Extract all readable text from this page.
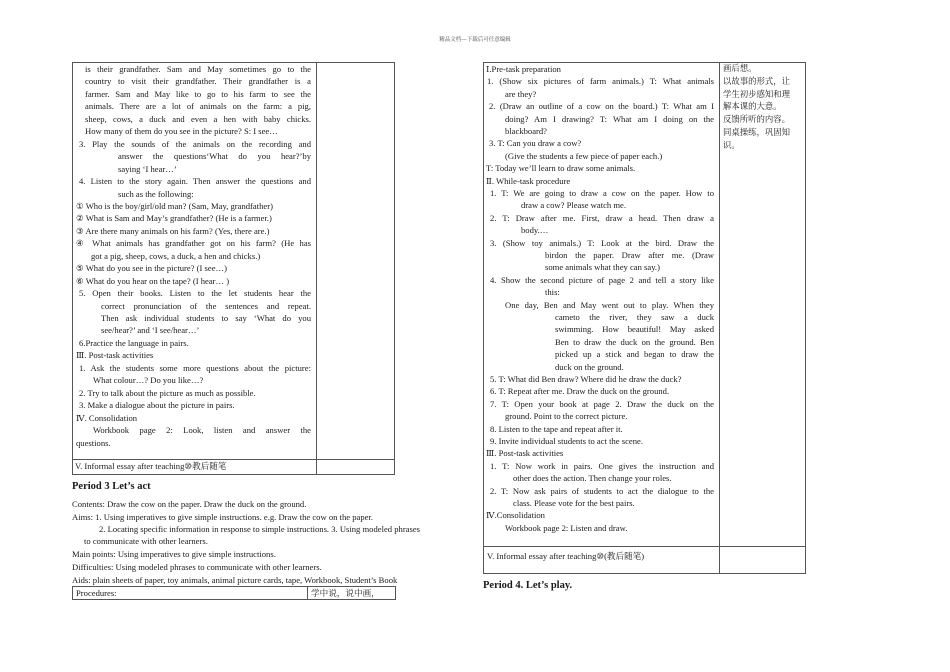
精品文档---下载后可任意编辑
is their grandfather. Sam and May sometimes go to the
country to visit their grandfather. Their grandfather is a
farmer. Sam and May like to go to his farm to see the
animals. There are a lot of animals on the farm: a pig,
sheep, cows, a duck and even a hen with baby chicks.
How many of them do you see in the picture? S: I see…
3. Play the sounds of the animals on the recording and
answer the questions‘What do you hear?’by
saying ‘I hear…’
4. Listen to the story again. Then answer the questions and
such as the following:
① Who is the boy/girl/old man? (Sam, May, grandfather)
② What is Sam and May’s grandfather? (He is a farmer.)
③ Are there many animals on his farm? (Yes, there are.)
④ What animals has grandfather got on his farm? (He has
got a pig, sheep, cows, a duck, a hen and chicks.)
⑤ What do you see in the picture? (I see…)
⑥ What do you hear on the tape? (I hear… )
5. Open their books. Listen to the let students hear the
correct pronunciation of the sentences and repeat.
Then ask individual students to say ‘What do you
see/hear?’ and ‘I see/hear…’
6.Practice the language in pairs.
Ⅲ. Post-task activities
1. Ask the students some more questions about the picture:
What colour…? Do you like…?
2. Try to talk about the picture as much as possible.
3. Make a dialogue about the picture in pairs.
Ⅳ. Consolidation
Workbook page 2: Look, listen and answer the
questions.
V. Informal essay after teaching⑩教后随笔
Period 3 Let’s act
Contents: Draw the cow on the paper. Draw the duck on the ground.
Aims: 1. Using imperatives to give simple instructions. e.g. Draw the cow on the paper.
2. Locating specific information in response to simple instructions. 3. Using modeled phrases
to communicate with other learners.
Main points: Using imperatives to give simple instructions.
Difficulties: Using modeled phrases to communicate with other learners.
Aids: plain sheets of paper, toy animals, animal picture cards, tape, Workbook, Student’s Book
Procedures:	学中说，说中画，
Ⅰ.Pre-task preparation
1. (Show six pictures of farm animals.) T: What animals
are they?
2. (Draw an outline of a cow on the board.) T: What am I
doing? Am I drawing? T: What am I doing on the
blackboard?
3. T: Can you draw a cow?
(Give the students a few piece of paper each.)
T: Today we’ll learn to draw some animals.
Ⅱ. While-task procedure
1. T: We are going to draw a cow on the paper. How to
draw a cow? Please watch me.
2. T: Draw after me. First, draw a head. Then draw a
body.…
3. (Show toy animals.) T: Look at the bird. Draw the
birdon the paper. Draw after me. (Draw
some animals what they can say.)
4. Show the second picture of page 2 and tell a story like
this:
One day, Ben and May went out to play. When they
cameto the river, they saw a duck
swimming. How beautiful! May asked
Ben to draw the duck on the ground. Ben
picked up a stick and began to draw the
duck on the ground.
5. T: What did Ben draw? Where did he draw the duck?
6. T: Repeat after me. Draw the duck on the ground.
7. T: Open your book at page 2. Draw the duck on the
ground. Point to the correct picture.
8. Listen to the tape and repeat after it.
9. Invite individual students to act the scene.
Ⅲ. Post-task activities
1. T: Now work in pairs. One gives the instruction and
other does the action. Then change your roles.
2. T: Now ask pairs of students to act the dialogue to the
class. Please vote for the best pairs.
Ⅳ.Consolidation
Workbook page 2: Listen and draw.
V. Informal essay after teaching⑩(教后随笔)
画后想。
以故事的形式，让
学生初步感知和理
解本课的大意。
反馈所听的内容。
同桌操练，巩固知
识。
Period 4. Let’s play.
